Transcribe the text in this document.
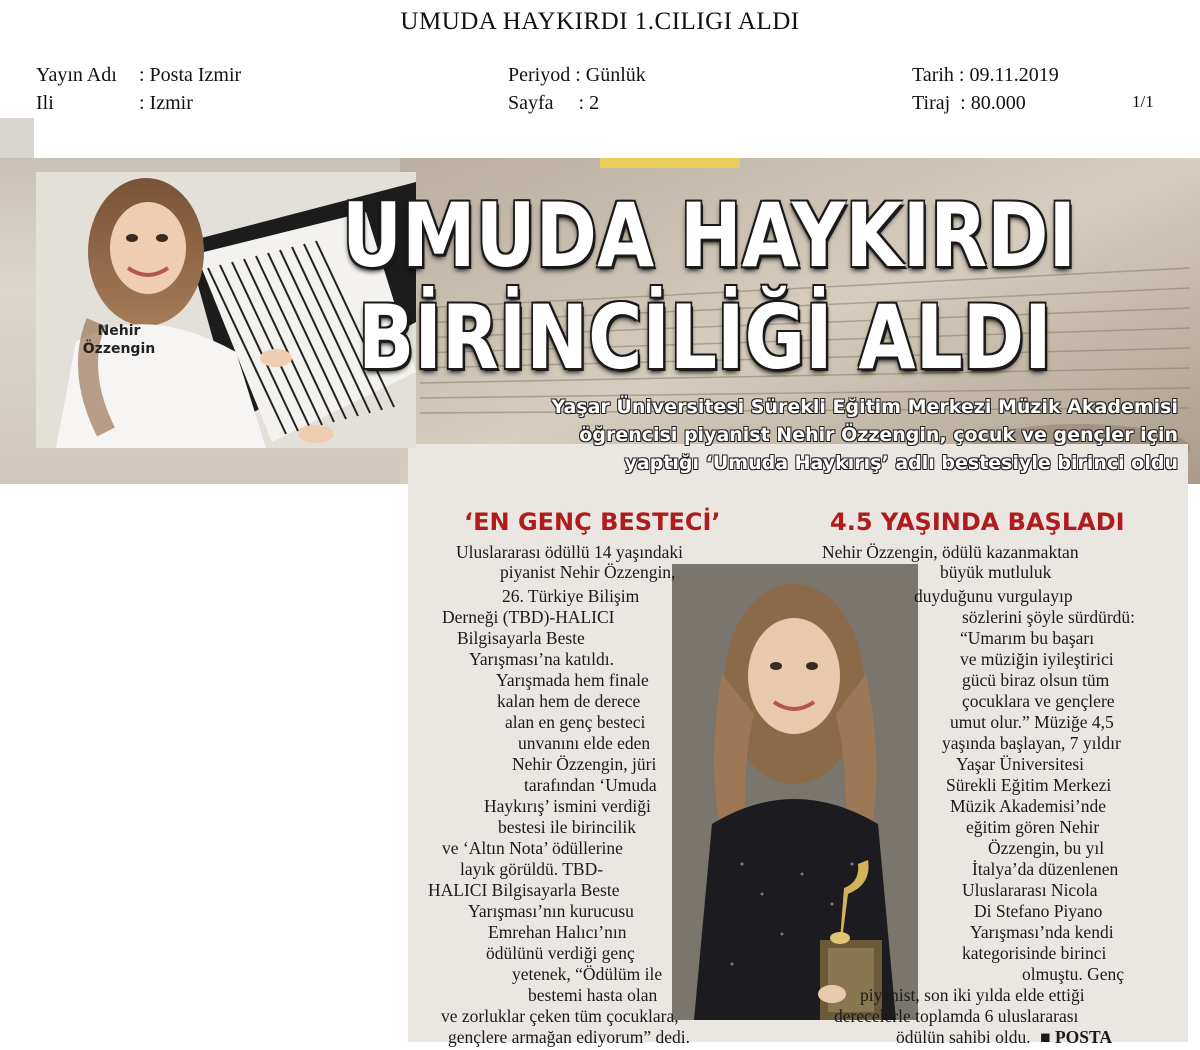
UMUDA HAYKIRDI 1.CILIGI ALDI
Yayın Adı : Posta Izmir
Ili	: Izmir
Periyod : Günlük
Sayfa     : 2
Tarih : 09.11.2019
Tiraj  : 80.000	1/1
Nehir
Özzengin
UMUDA HAYKIRDI
BİRİNCİLİĞİ ALDI
Yaşar Üniversitesi Sürekli Eğitim Merkezi Müzik Akademisi
öğrencisi piyanist Nehir Özzengin, çocuk ve gençler için
yaptığı ‘Umuda Haykırış’ adlı bestesiyle birinci oldu
‘EN GENÇ BESTECİ’	4.5 YAŞINDA BAŞLADI
Uluslararası ödüllü 14 yaşındaki
piyanist Nehir Özzengin,
26. Türkiye Bilişim
Derneği (TBD)-HALICI
Bilgisayarla Beste
Yarışması’na katıldı.
Yarışmada hem finale
kalan hem de derece
alan en genç besteci
unvanını elde eden
Nehir Özzengin, jüri
tarafından ‘Umuda
Haykırış’ ismini verdiği
bestesi ile birincilik
ve ‘Altın Nota’ ödüllerine
layık görüldü. TBD-
HALICI Bilgisayarla Beste
Yarışması’nın kurucusu
Emrehan Halıcı’nın
ödülünü verdiği genç
yetenek, “Ödülüm ile
bestemi hasta olan
ve zorluklar çeken tüm çocuklara,
gençlere armağan ediyorum” dedi.
Nehir Özzengin, ödülü kazanmaktan
büyük mutluluk
duyduğunu vurgulayıp
sözlerini şöyle sürdürdü:
“Umarım bu başarı
ve müziğin iyileştirici
gücü biraz olsun tüm
çocuklara ve gençlere
umut olur.” Müziğe 4,5
yaşında başlayan, 7 yıldır
Yaşar Üniversitesi
Sürekli Eğitim Merkezi
Müzik Akademisi’nde
eğitim gören Nehir
Özzengin, bu yıl
İtalya’da düzenlenen
Uluslararası Nicola
Di Stefano Piyano
Yarışması’nda kendi
kategorisinde birinci
olmuştu. Genç
piyanist, son iki yılda elde ettiği
derecelerle toplamda 6 uluslararası
ödülün sahibi oldu. ■ POSTA
